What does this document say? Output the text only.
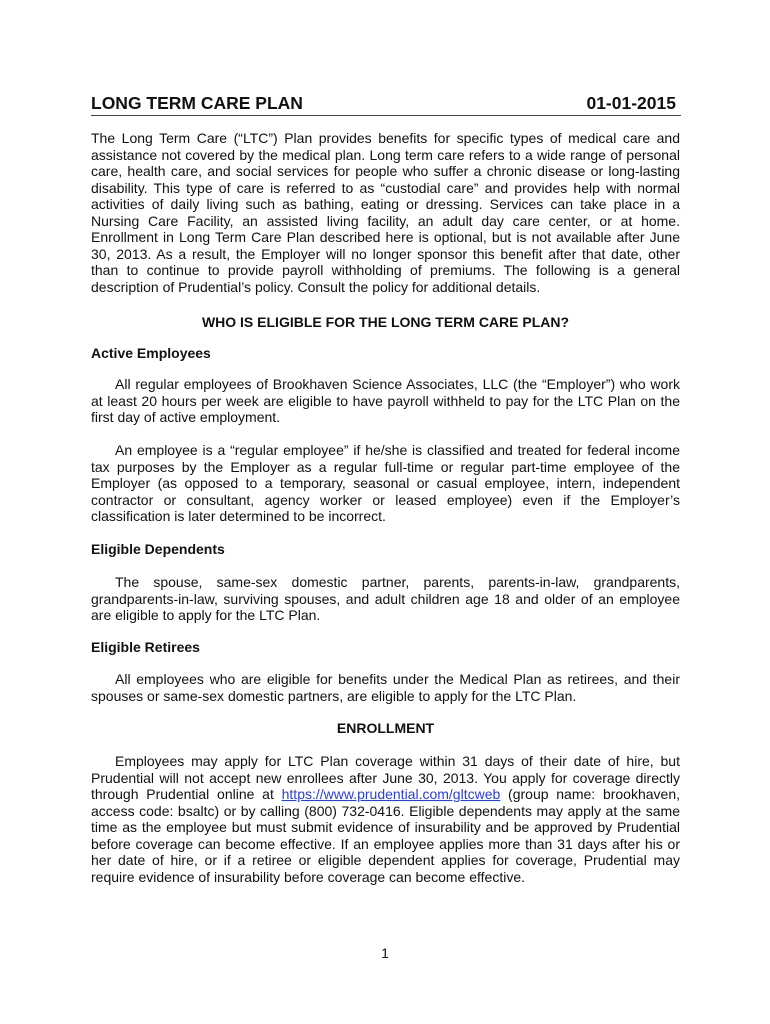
LONG TERM CARE PLAN	01-01-2015

The Long Term Care (“LTC”) Plan provides benefits for specific types of medical care and assistance not covered by the medical plan. Long term care refers to a wide range of personal care, health care, and social services for people who suffer a chronic disease or long-lasting disability. This type of care is referred to as “custodial care” and provides help with normal activities of daily living such as bathing, eating or dressing. Services can take place in a Nursing Care Facility, an assisted living facility, an adult day care center, or at home. Enrollment in Long Term Care Plan described here is optional, but is not available after June 30, 2013. As a result, the Employer will no longer sponsor this benefit after that date, other than to continue to provide payroll withholding of premiums. The following is a general description of Prudential’s policy. Consult the policy for additional details.

WHO IS ELIGIBLE FOR THE LONG TERM CARE PLAN?

Active Employees

All regular employees of Brookhaven Science Associates, LLC (the “Employer”) who work at least 20 hours per week are eligible to have payroll withheld to pay for the LTC Plan on the first day of active employment.

An employee is a “regular employee” if he/she is classified and treated for federal income tax purposes by the Employer as a regular full-time or regular part-time employee of the Employer (as opposed to a temporary, seasonal or casual employee, intern, independent contractor or consultant, agency worker or leased employee) even if the Employer’s classification is later determined to be incorrect.

Eligible Dependents

The spouse, same-sex domestic partner, parents, parents-in-law, grandparents, grandparents-in-law, surviving spouses, and adult children age 18 and older of an employee are eligible to apply for the LTC Plan.

Eligible Retirees

All employees who are eligible for benefits under the Medical Plan as retirees, and their spouses or same-sex domestic partners, are eligible to apply for the LTC Plan.

ENROLLMENT

Employees may apply for LTC Plan coverage within 31 days of their date of hire, but Prudential will not accept new enrollees after June 30, 2013. You apply for coverage directly through Prudential online at https://www.prudential.com/gltcweb (group name: brookhaven, access code: bsaltc) or by calling (800) 732-0416. Eligible dependents may apply at the same time as the employee but must submit evidence of insurability and be approved by Prudential before coverage can become effective. If an employee applies more than 31 days after his or her date of hire, or if a retiree or eligible dependent applies for coverage, Prudential may require evidence of insurability before coverage can become effective.

1
